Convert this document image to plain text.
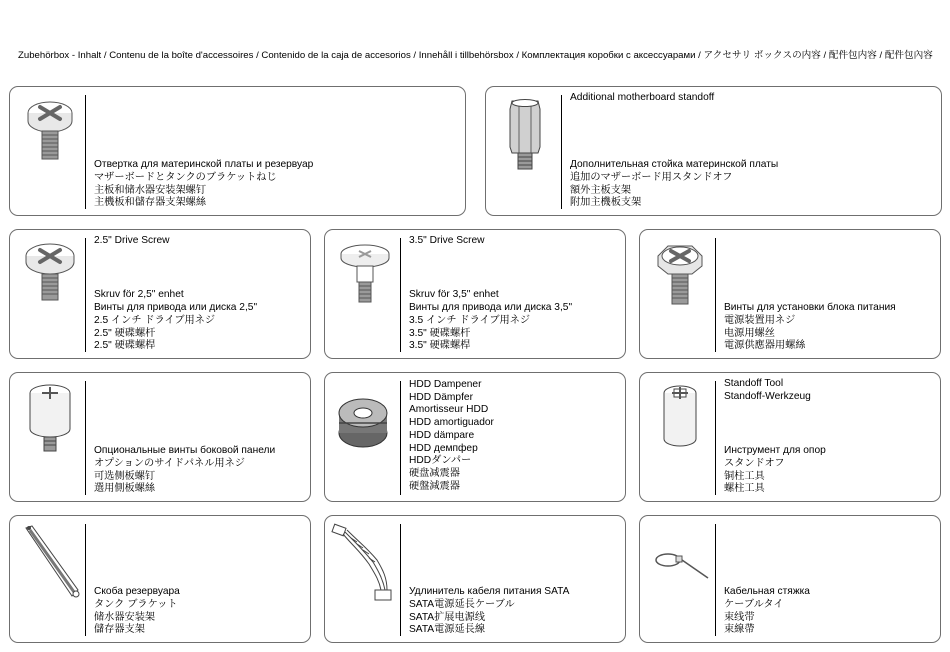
Zubehörbox - Inhalt / Contenu de la boîte d'accessoires / Contenido de la caja de accesorios / Innehåll i tillbehörsbox / Комплектация коробки с аксессуарами / アクセサリ ボックスの内容 / 配件包内容 / 配件包內容
Отвертка для материнской платы и резервуар
マザーボードとタンクのブラケットねじ
主板和储水器安装架螺钉
主機板和儲存器支架螺絲
Additional motherboard standoff
Дополнительная стойка материнской платы
追加のマザーボード用スタンドオフ
額外主板支架
附加主機板支架
2.5" Drive Screw
Skruv för 2,5" enhet
Винты для привода или диска 2,5"
2.5 インチ ドライブ用ネジ
2.5" 硬碟螺杆
2.5" 硬碟螺桿
3.5" Drive Screw
Skruv för 3,5" enhet
Винты для привода или диска 3,5"
3.5 インチ ドライブ用ネジ
3.5" 硬碟螺杆
3.5" 硬碟螺桿
Винты для установки блока питания
電源装置用ネジ
电源用螺丝
電源供應器用螺絲
Опциональные винты боковой панели
オプションのサイドパネル用ネジ
可选侧板螺钉
選用側板螺絲
HDD Dampener
HDD Dämpfer
Amortisseur HDD
HDD amortiguador
HDD dämpare
HDD демпфер
HDDダンパー
硬盘减震器
硬盤減震器
Standoff Tool
Standoff-Werkzeug
Инструмент для опор
スタンドオフ
铜柱工具
螺柱工具
Скоба резервуара
タンク ブラケット
储水器安装架
儲存器支架
Удлинитель кабеля питания SATA
SATA電源延長ケーブル
SATA扩展电源线
SATA電源延長線
Кабельная стяжка
ケーブルタイ
束线带
束線帶
